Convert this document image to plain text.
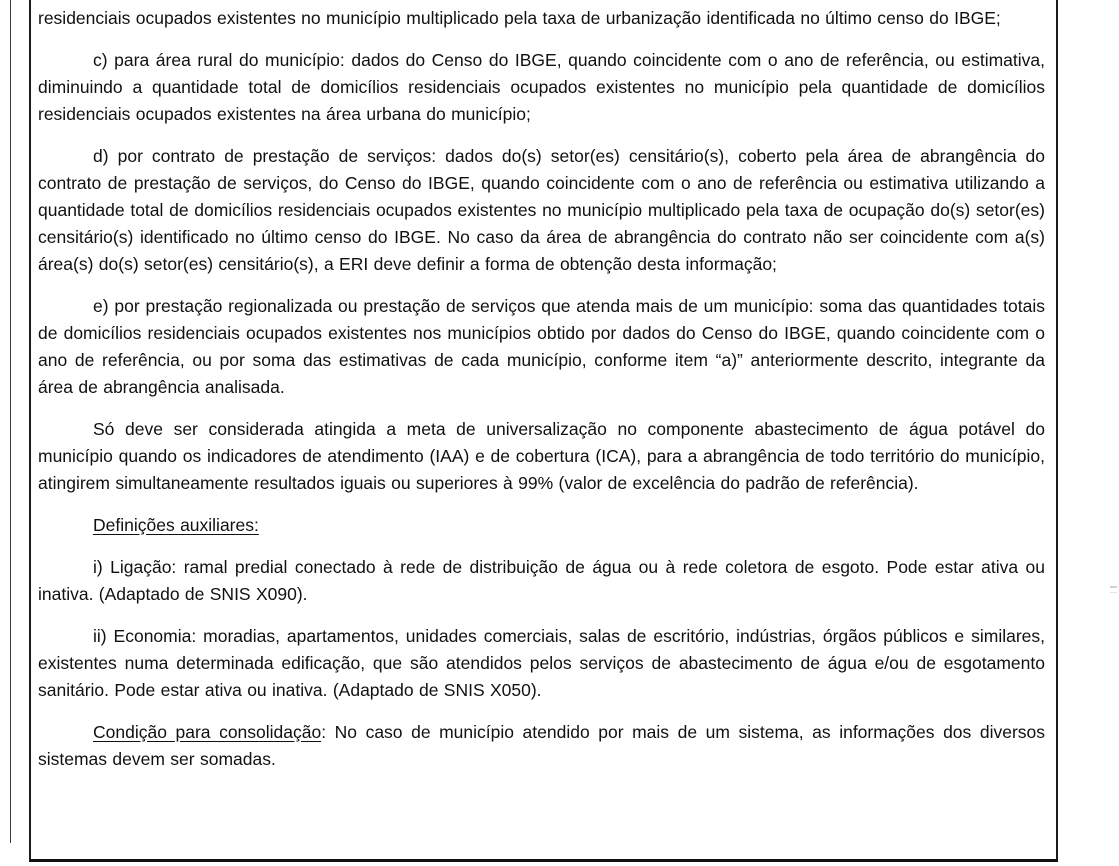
residenciais ocupados existentes no município multiplicado pela taxa de urbanização identificada no último censo do IBGE;

c) para área rural do município: dados do Censo do IBGE, quando coincidente com o ano de referência, ou estimativa, diminuindo a quantidade total de domicílios residenciais ocupados existentes no município pela quantidade de domicílios residenciais ocupados existentes na área urbana do município;

d) por contrato de prestação de serviços: dados do(s) setor(es) censitário(s), coberto pela área de abrangência do contrato de prestação de serviços, do Censo do IBGE, quando coincidente com o ano de referência ou estimativa utilizando a quantidade total de domicílios residenciais ocupados existentes no município multiplicado pela taxa de ocupação do(s) setor(es) censitário(s) identificado no último censo do IBGE. No caso da área de abrangência do contrato não ser coincidente com a(s) área(s) do(s) setor(es) censitário(s), a ERI deve definir a forma de obtenção desta informação;

e) por prestação regionalizada ou prestação de serviços que atenda mais de um município: soma das quantidades totais de domicílios residenciais ocupados existentes nos municípios obtido por dados do Censo do IBGE, quando coincidente com o ano de referência, ou por soma das estimativas de cada município, conforme item “a)” anteriormente descrito, integrante da área de abrangência analisada.

Só deve ser considerada atingida a meta de universalização no componente abastecimento de água potável do município quando os indicadores de atendimento (IAA) e de cobertura (ICA), para a abrangência de todo território do município, atingirem simultaneamente resultados iguais ou superiores à 99% (valor de excelência do padrão de referência).

Definições auxiliares:

i) Ligação: ramal predial conectado à rede de distribuição de água ou à rede coletora de esgoto. Pode estar ativa ou inativa. (Adaptado de SNIS X090).

ii) Economia: moradias, apartamentos, unidades comerciais, salas de escritório, indústrias, órgãos públicos e similares, existentes numa determinada edificação, que são atendidos pelos serviços de abastecimento de água e/ou de esgotamento sanitário. Pode estar ativa ou inativa. (Adaptado de SNIS X050).

Condição para consolidação: No caso de município atendido por mais de um sistema, as informações dos diversos sistemas devem ser somadas.
